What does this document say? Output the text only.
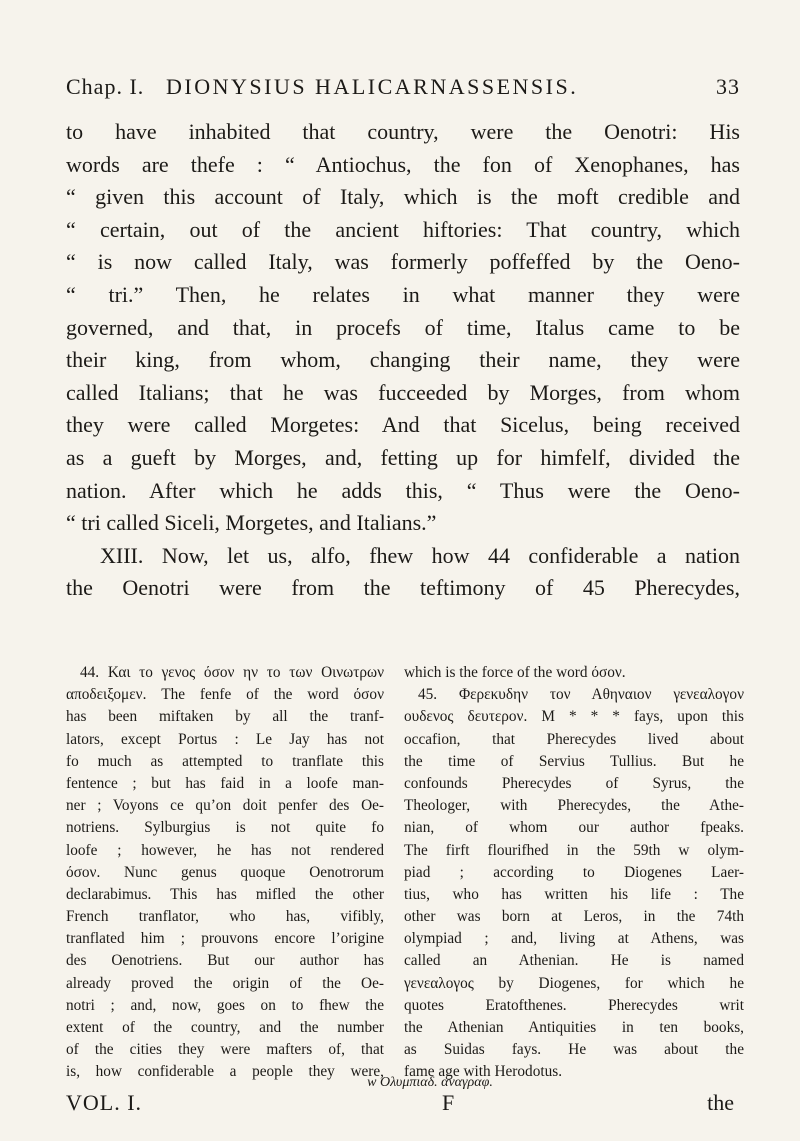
Chap. I. DIONYSIUS HALICARNASSENSIS.	33
to have inhabited that country, were the Oenotri: His
words are thefe : “ Antiochus, the fon of Xenophanes, has
“ given this account of Italy, which is the moft credible and
“ certain, out of the ancient hiftories: That country, which
“ is now called Italy, was formerly poffeffed by the Oeno-
“ tri.” Then, he relates in what manner they were
governed, and that, in procefs of time, Italus came to be
their king, from whom, changing their name, they were
called Italians; that he was fucceeded by Morges, from whom
they were called Morgetes: And that Sicelus, being received
as a gueft by Morges, and, fetting up for himfelf, divided the
nation. After which he adds this, “ Thus were the Oeno-
“ tri called Siceli, Morgetes, and Italians.”
XIII. Now, let us, alfo, fhew how 44 confiderable a nation
the Oenotri were from the teftimony of 45 Pherecydes,
44. Και το γενος όσον ην το των Οινωτρων
αποδειξομεν. The fenfe of the word όσον
has been miftaken by all the tranf-
lators, except Portus : Le Jay has not
fo much as attempted to tranflate this
fentence ; but has faid in a loofe man-
ner ; Voyons ce qu’on doit penfer des Oe-
notriens. Sylburgius is not quite fo
loofe ; however, he has not rendered
όσον. Nunc genus quoque Oenotrorum
declarabimus. This has mifled the other
French tranflator, who has, vifibly,
tranflated him ; prouvons encore l’origine
des Oenotriens. But our author has
already proved the origin of the Oe-
notri ; and, now, goes on to fhew the
extent of the country, and the number
of the cities they were mafters of, that
is, how confiderable a people they were,
which is the force of the word όσον.
45. Φερεκυδην τον Αθηναιον γενεαλογον
ουδενος δευτερον. M * * * fays, upon this
occafion, that Pherecydes lived about
the time of Servius Tullius. But he
confounds Pherecydes of Syrus, the
Theologer, with Pherecydes, the Athe-
nian, of whom our author fpeaks.
The firft flourifhed in the 59th w olym-
piad ; according to Diogenes Laer-
tius, who has written his life : The
other was born at Leros, in the 74th
olympiad ; and, living at Athens, was
called an Athenian. He is named
γενεαλογος by Diogenes, for which he
quotes Eratofthenes. Pherecydes writ
the Athenian Antiquities in ten books,
as Suidas fays. He was about the
fame age with Herodotus.
w Ολυμπιαδ. αναγραφ.
VOL. I.	F	the
